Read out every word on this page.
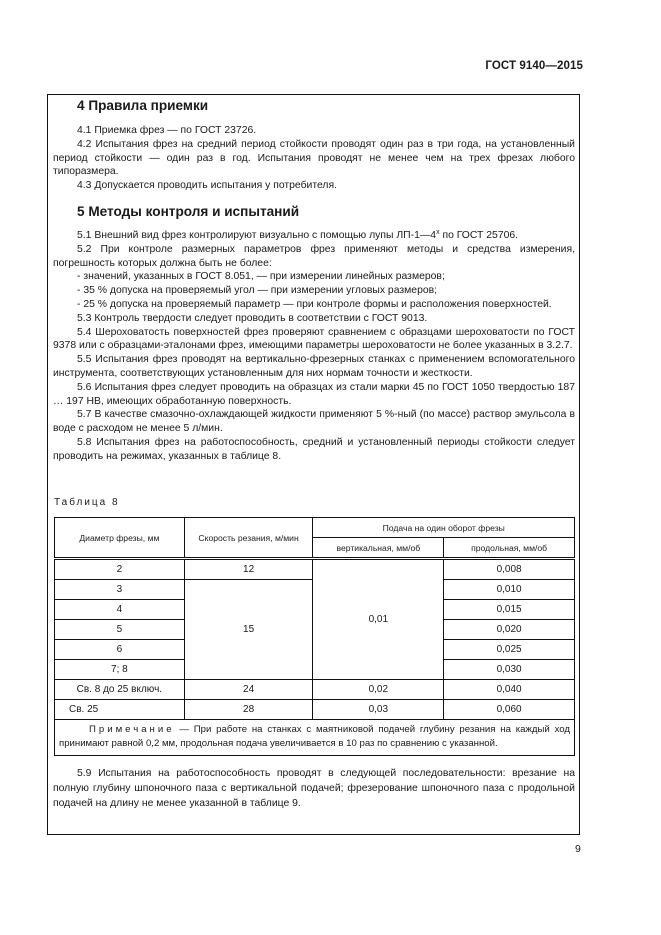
ГОСТ 9140—2015
4 Правила приемки

4.1 Приемка фрез — по ГОСТ 23726.

4.2 Испытания фрез на средний период стойкости проводят один раз в три года, на установленный период стойкости — один раз в год. Испытания проводят не менее чем на трех фрезах любого типоразмера.

4.3 Допускается проводить испытания у потребителя.

5 Методы контроля и испытаний

5.1 Внешний вид фрез контролируют визуально с помощью лупы $ЛП-1—4^х$ по ГОСТ 25706.

5.2 При контроле размерных параметров фрез применяют методы и средства измерения, погрешность которых должна быть не более:

- значений, указанных в ГОСТ 8.051, — при измерении линейных размеров;

- 35 % допуска на проверяемый угол — при измерении угловых размеров;

- 25 % допуска на проверяемый параметр — при контроле формы и расположения поверхностей.

5.3 Контроль твердости следует проводить в соответствии с ГОСТ 9013.

5.4 Шероховатость поверхностей фрез проверяют сравнением с образцами шероховатости по ГОСТ 9378 или с образцами-эталонами фрез, имеющими параметры шероховатости не более указанных в 3.2.7.

5.5 Испытания фрез проводят на вертикально-фрезерных станках с применением вспомогательного инструмента, соответствующих установленным для них нормам точности и жесткости.

5.6 Испытания фрез следует проводить на образцах из стали марки 45 по ГОСТ 1050 твердостью 187 … 197 HB, имеющих обработанную поверхность.

5.7 В качестве смазочно-охлаждающей жидкости применяют 5 %-ный (по массе) раствор эмульсола в воде с расходом не менее 5 л/мин.

5.8 Испытания фрез на работоспособность, средний и установленный периоды стойкости следует проводить на режимах, указанных в таблице 8.

Таблица 8
Диаметр фрезы, мм	Скорость резания, м/мин	Подача на один оборот фрезы	
		вертикальная, мм/об	продольная, мм/об
2	12	0,01	0,008
3	15		0,010
4			0,015
5			0,020
6			0,025
7; 8			0,030
Св. 8 до 25 включ.	24	0,02	0,040
Св. 25	28	0,03	0,060
Примечание — При работе на станках с маятниковой подачей глубину резания на каждый ход принимают равной 0,2 мм, продольная подача увеличивается в 10 раз по сравнению с указанной.			

5.9 Испытания на работоспособность проводят в следующей последовательности: врезание на полную глубину шпоночного паза с вертикальной подачей; фрезерование шпоночного паза с продольной подачей на длину не менее указанной в таблице 9.

9
